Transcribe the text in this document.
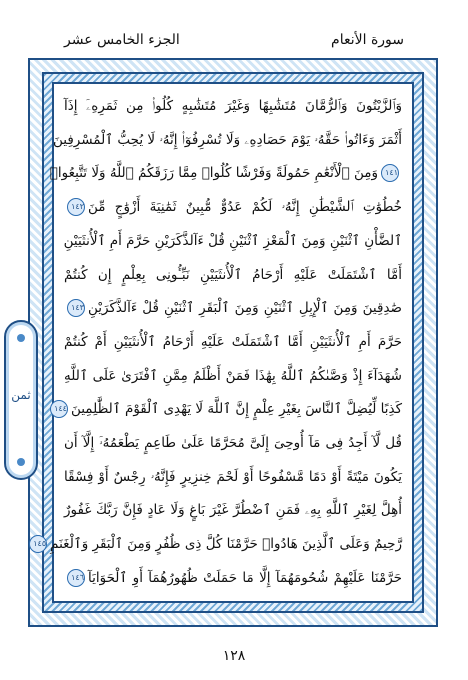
سورة الأنعام
الجزء الخامس عشر
وَٱلزَّيْتُونَ وَٱلرُّمَّانَ مُتَشَٰبِهًا وَغَيْرَ مُتَشَٰبِهٍ كُلُوا۟ مِن ثَمَرِهِۦٓ إِذَآ
أَثْمَرَ وَءَاتُوا۟ حَقَّهُۥ يَوْمَ حَصَادِهِۦ وَلَا تُسْرِفُوٓا۟ إِنَّهُۥ لَا يُحِبُّ ٱلْمُسْرِفِينَ
١٤١وَمِنَ ٱلْأَنْعَٰمِ حَمُولَةً وَفَرْشًا كُلُوا۟ مِمَّا رَزَقَكُمُ ٱللَّهُ وَلَا تَتَّبِعُوا۟
خُطُوَٰتِ ٱلشَّيْطَٰنِ إِنَّهُۥ لَكُمْ عَدُوٌّ مُّبِينٌ ثَمَٰنِيَةَ أَزْوَٰجٍ مِّنَ١٤٢
ٱلضَّأْنِ ٱثْنَيْنِ وَمِنَ ٱلْمَعْزِ ٱثْنَيْنِ قُلْ ءَآلذَّكَرَيْنِ حَرَّمَ أَمِ ٱلْأُنثَيَيْنِ
أَمَّا ٱشْتَمَلَتْ عَلَيْهِ أَرْحَامُ ٱلْأُنثَيَيْنِ نَبِّـُٔونِى بِعِلْمٍ إِن كُنتُمْ
صَٰدِقِينَ وَمِنَ ٱلْإِبِلِ ٱثْنَيْنِ وَمِنَ ٱلْبَقَرِ ٱثْنَيْنِ قُلْ ءَآلذَّكَرَيْنِ١٤٣
حَرَّمَ أَمِ ٱلْأُنثَيَيْنِ أَمَّا ٱشْتَمَلَتْ عَلَيْهِ أَرْحَامُ ٱلْأُنثَيَيْنِ أَمْ كُنتُمْ
شُهَدَآءَ إِذْ وَصَّىٰكُمُ ٱللَّهُ بِهَٰذَا فَمَنْ أَظْلَمُ مِمَّنِ ٱفْتَرَىٰ عَلَى ٱللَّهِ
كَذِبًا لِّيُضِلَّ ٱلنَّاسَ بِغَيْرِ عِلْمٍ إِنَّ ٱللَّهَ لَا يَهْدِى ٱلْقَوْمَ ٱلظَّٰلِمِينَ١٤٤
قُل لَّآ أَجِدُ فِى مَآ أُوحِىَ إِلَىَّ مُحَرَّمًا عَلَىٰ طَاعِمٍ يَطْعَمُهُۥٓ إِلَّآ أَن
يَكُونَ مَيْتَةً أَوْ دَمًا مَّسْفُوحًا أَوْ لَحْمَ خِنزِيرٍ فَإِنَّهُۥ رِجْسٌ أَوْ فِسْقًا
أُهِلَّ لِغَيْرِ ٱللَّهِ بِهِۦ فَمَنِ ٱضْطُرَّ غَيْرَ بَاغٍ وَلَا عَادٍ فَإِنَّ رَبَّكَ غَفُورٌ
رَّحِيمٌ وَعَلَى ٱلَّذِينَ هَادُوا۟ حَرَّمْنَا كُلَّ ذِى ظُفُرٍ وَمِنَ ٱلْبَقَرِ وَٱلْغَنَمِ١٤٥
حَرَّمْنَا عَلَيْهِمْ شُحُومَهُمَآ إِلَّا مَا حَمَلَتْ ظُهُورُهُمَآ أَوِ ٱلْحَوَايَآ١٤٦
ثمن
١٢٨
